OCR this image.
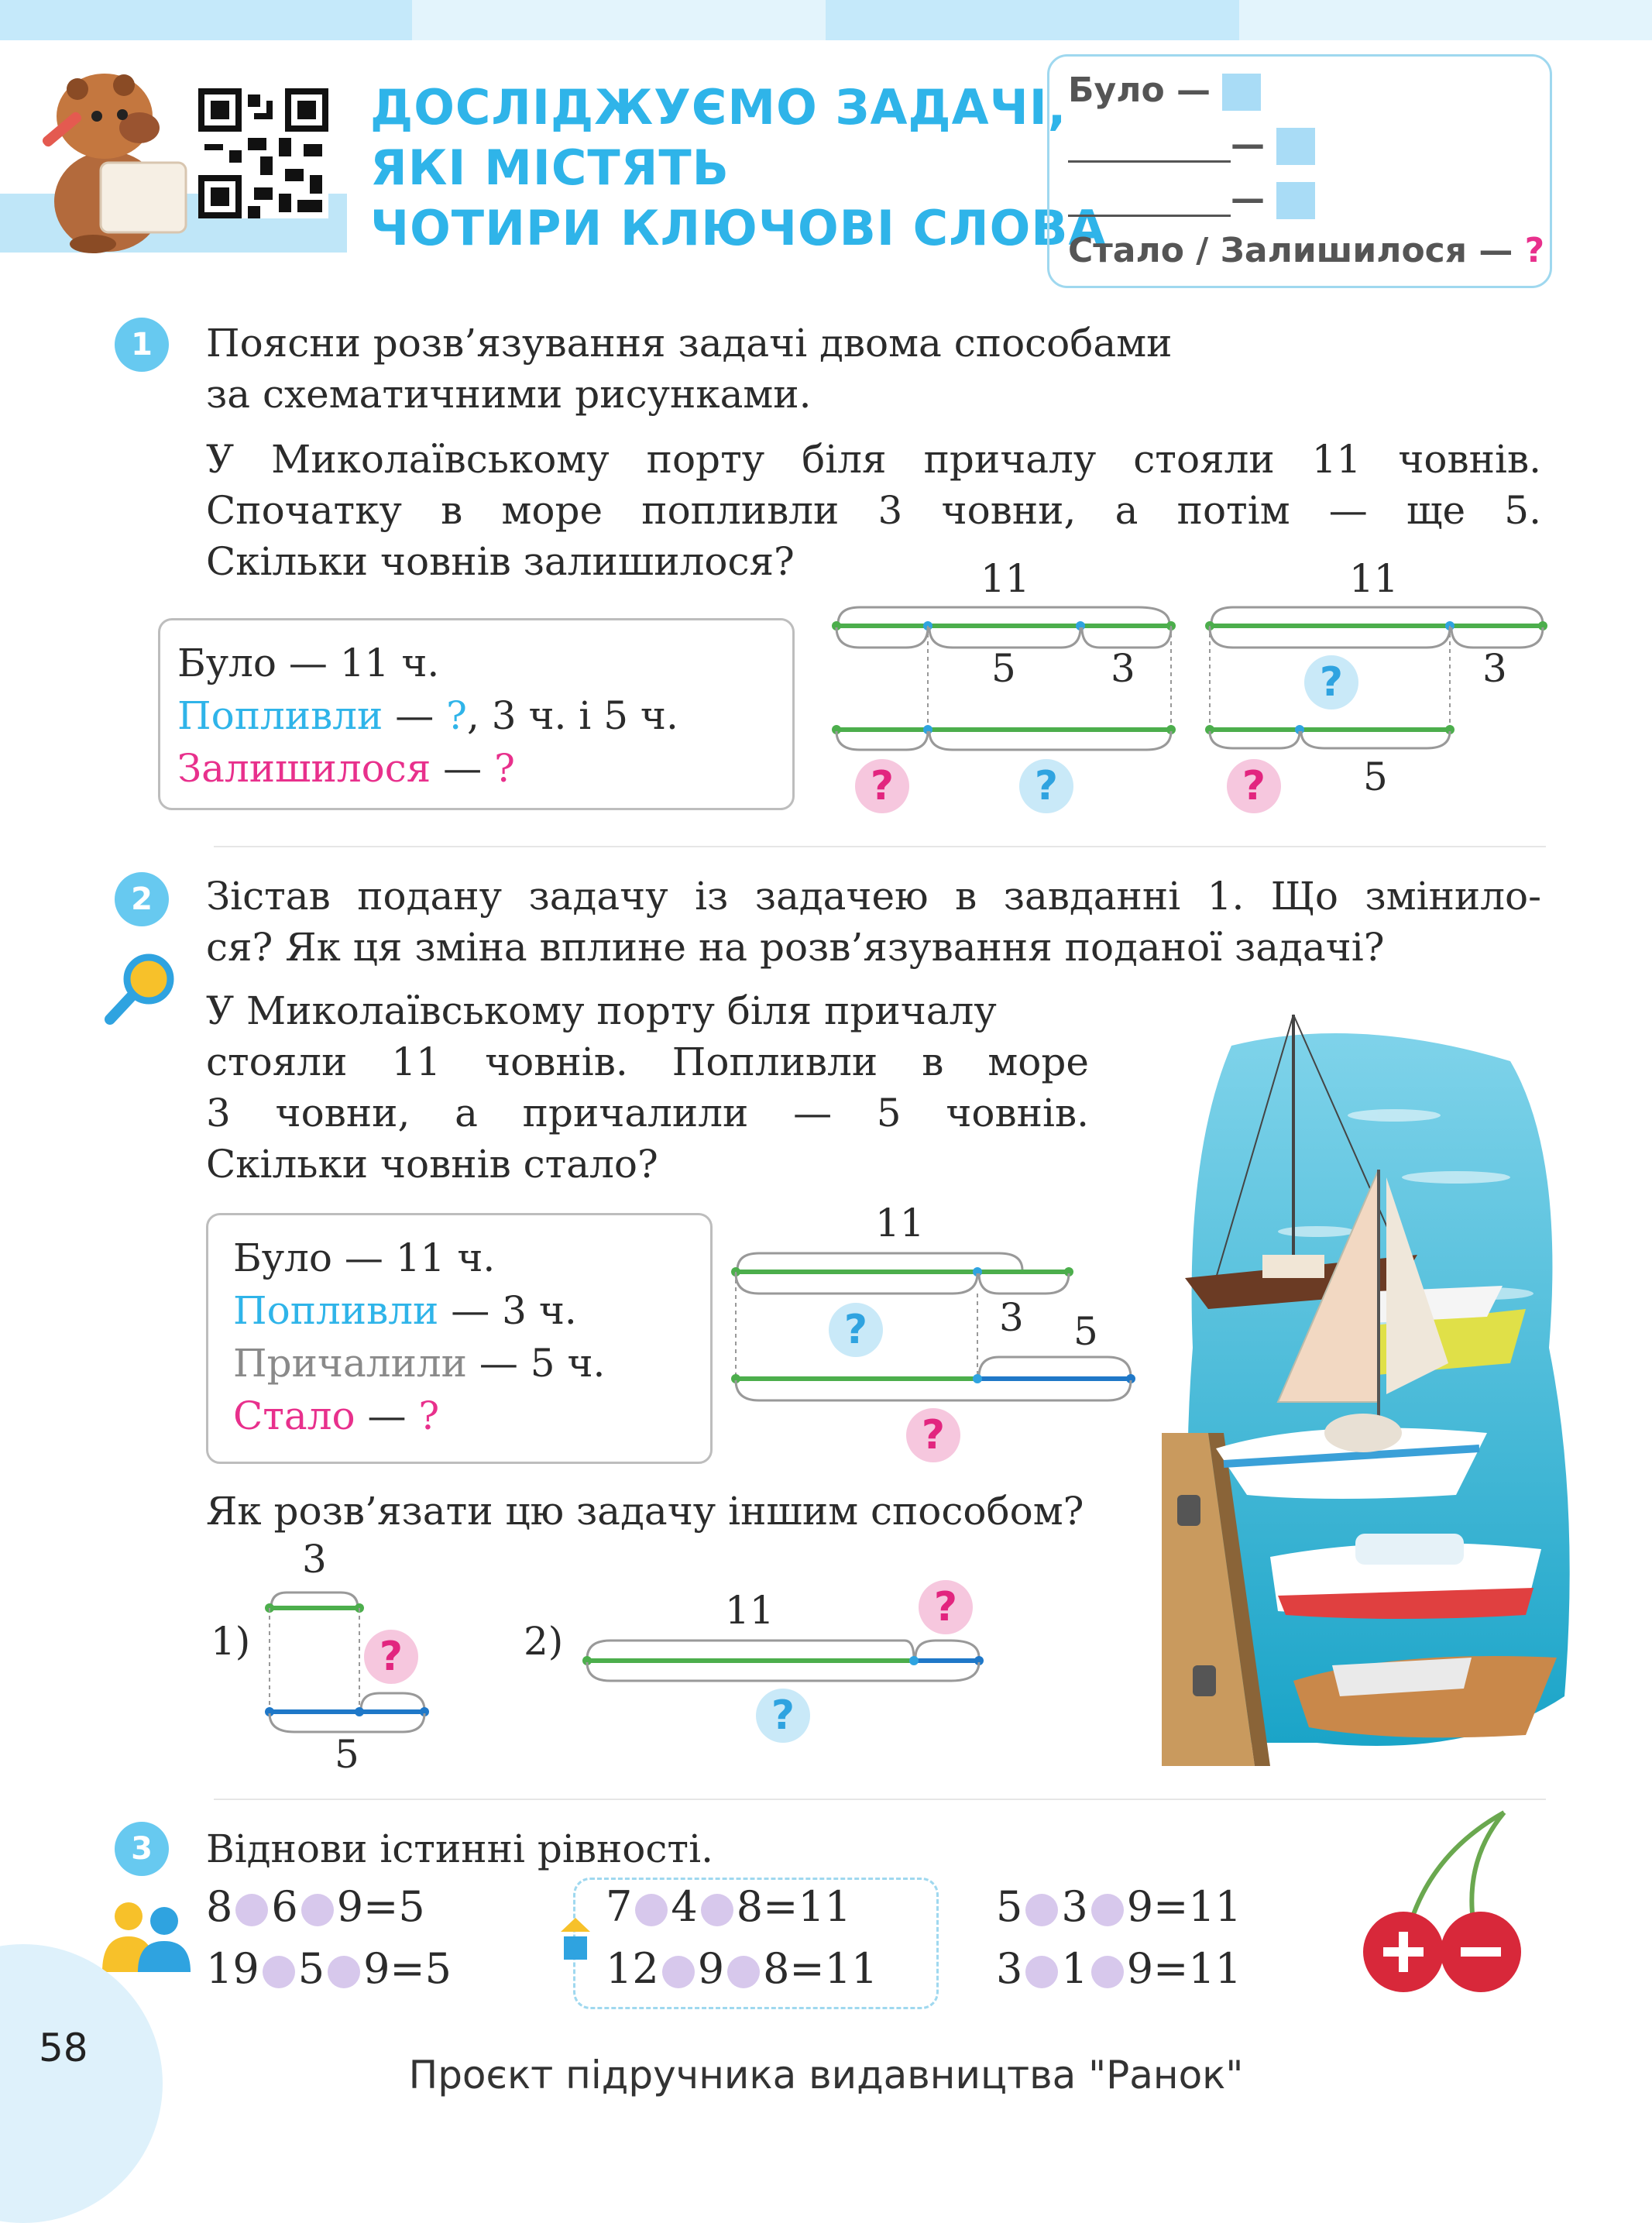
ДОСЛІДЖУЄМО ЗАДАЧІ,
ЯКІ МІСТЯТЬ
ЧОТИРИ КЛЮЧОВІ СЛОВА
Було —
—
—
Стало / Залишилося — ?
1	Поясни розв’язування задачі двома способами
за схематичними рисунками.
У Миколаївському порту біля причалу стояли 11 човнів.
Спочатку в море попливли 3 човни, а потім — ще 5.
Скільки човнів залишилося?
Було — 11 ч.
Попливли — ?, 3 ч. і 5 ч.
Залишилося — ?
11
5 3
?	?
11
3
5
?
?
2	Зістав подану задачу із задачею в завданні 1. Що змінило-
ся? Як ця зміна вплине на розв’язування поданої задачі?
У Миколаївському порту біля причалу
стояли 11 човнів. Попливли в море
3 човни, а причалили — 5 човнів.
Скільки човнів стало?
Було — 11 ч.
Попливли — 3 ч.
Причалили — 5 ч.
Стало — ?
11
3 5
?
?
Як розв’язати цю задачу іншим способом?
1)
3
5
?	2)
11	?
?
3	Віднови істинні рівності.
8 6 9=5
19 5 9=5
7 4 8=11
12 9 8=11
5 3 9=11
3 1 9=11
58
Проєкт підручника видавництва "Ранок"
